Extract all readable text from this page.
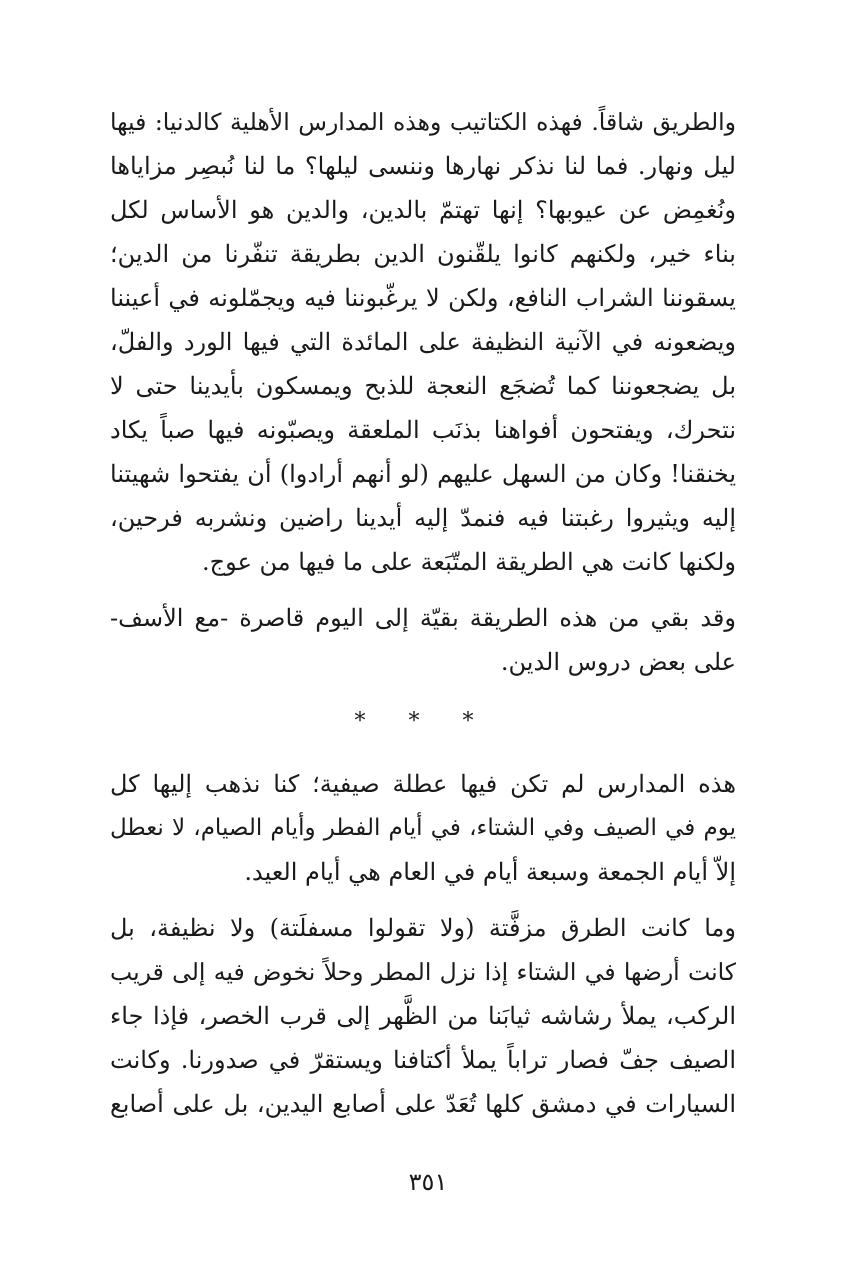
والطريق شاقاً. فهذه الكتاتيب وهذه المدارس الأهلية كالدنيا: فيها
ليل ونهار. فما لنا نذكر نهارها وننسى ليلها؟ ما لنا نُبصِر مزاياها
ونُغمِض عن عيوبها؟ إنها تهتمّ بالدين، والدين هو الأساس لكل
بناء خير، ولكنهم كانوا يلقّنون الدين بطريقة تنفّرنا من الدين؛
يسقوننا الشراب النافع، ولكن لا يرغّبوننا فيه ويجمّلونه في أعيننا
ويضعونه في الآنية النظيفة على المائدة التي فيها الورد والفلّ،
بل يضجعوننا كما تُضجَع النعجة للذبح ويمسكون بأيدينا حتى لا
نتحرك، ويفتحون أفواهنا بذنَب الملعقة ويصبّونه فيها صباً يكاد
يخنقنا! وكان من السهل عليهم (لو أنهم أرادوا) أن يفتحوا شهيتنا
إليه ويثيروا رغبتنا فيه فنمدّ إليه أيدينا راضين ونشربه فرحين،
ولكنها كانت هي الطريقة المتّبَعة على ما فيها من عوج.

وقد بقي من هذه الطريقة بقيّة إلى اليوم قاصرة -مع الأسف-
على بعض دروس الدين.

* * *

هذه المدارس لم تكن فيها عطلة صيفية؛ كنا نذهب إليها كل
يوم في الصيف وفي الشتاء، في أيام الفطر وأيام الصيام، لا نعطل
إلاّ أيام الجمعة وسبعة أيام في العام هي أيام العيد.

وما كانت الطرق مزفَّتة (ولا تقولوا مسفلَتة) ولا نظيفة، بل
كانت أرضها في الشتاء إذا نزل المطر وحلاً نخوض فيه إلى قريب
الركب، يملأ رشاشه ثيابَنا من الظَّهر إلى قرب الخصر، فإذا جاء
الصيف جفّ فصار تراباً يملأ أكتافنا ويستقرّ في صدورنا. وكانت
السيارات في دمشق كلها تُعَدّ على أصابع اليدين، بل على أصابع

٣٥١
